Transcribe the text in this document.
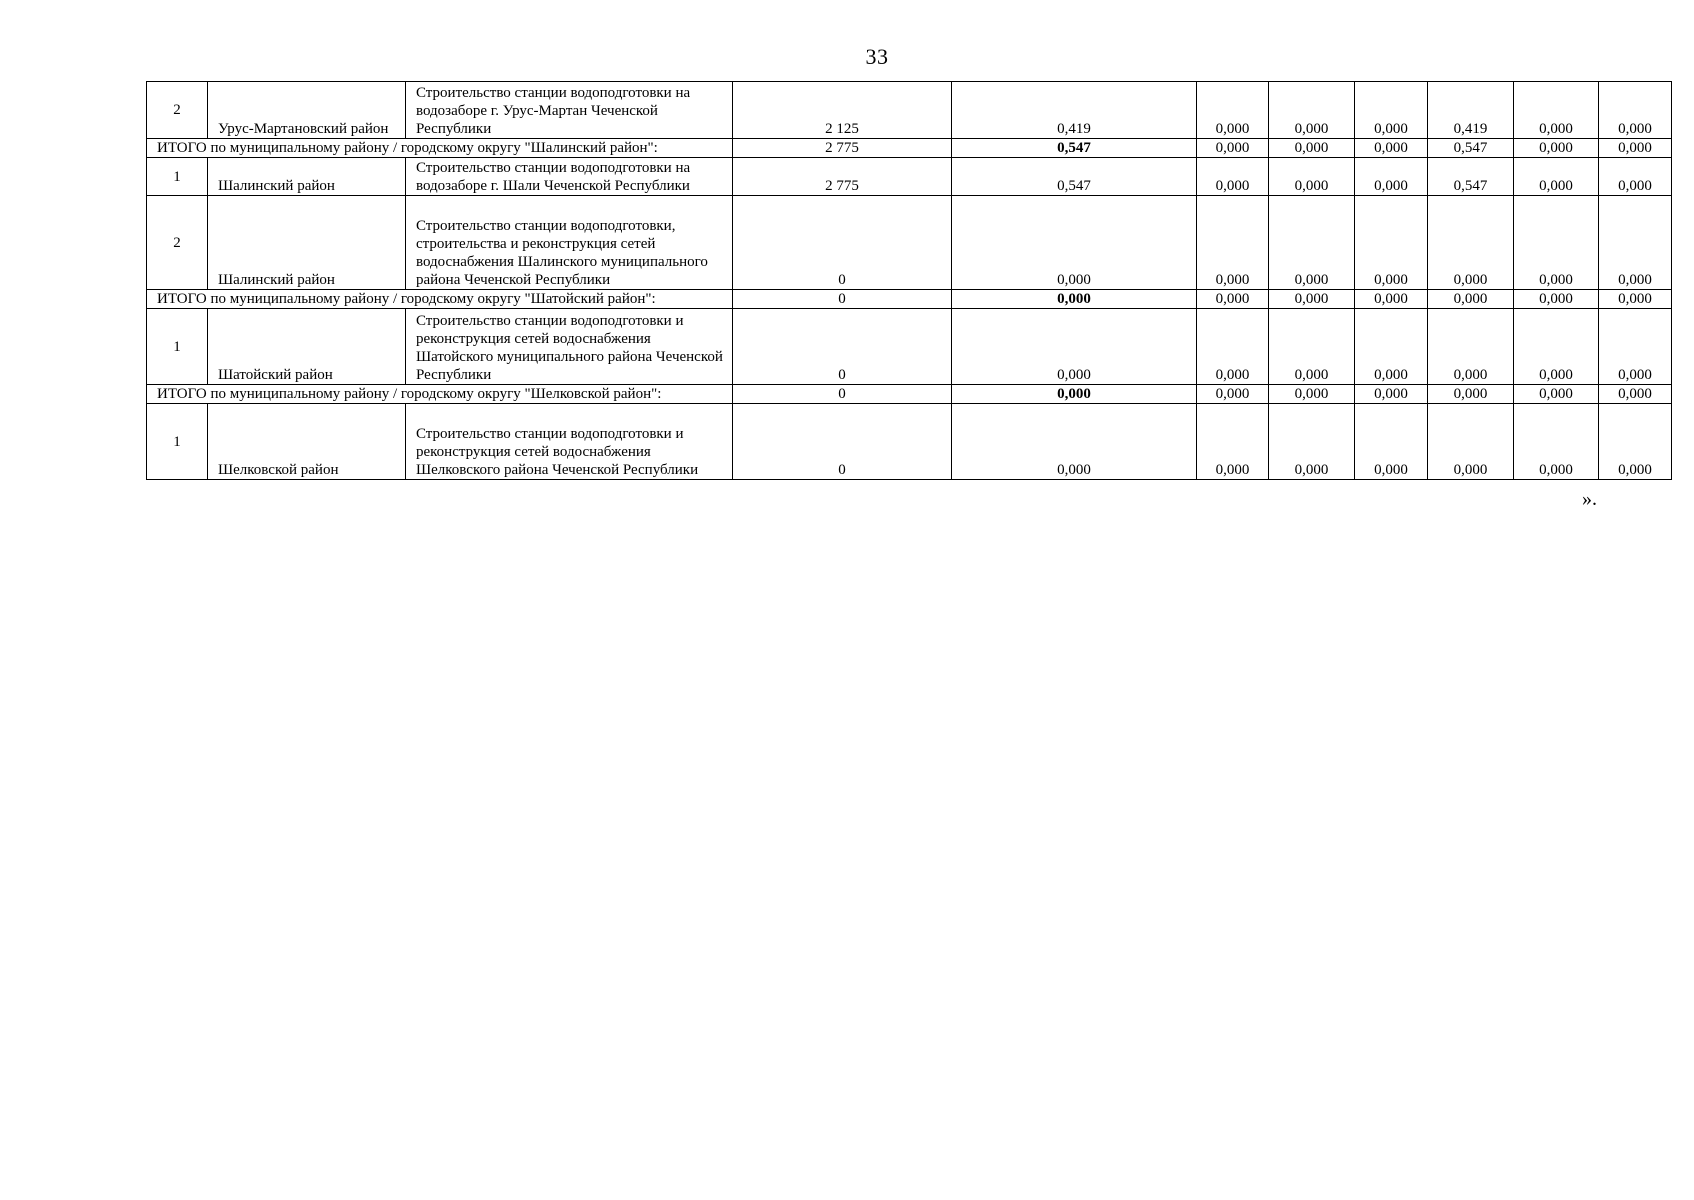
33
2	Урус-Мартановский район	Строительство станции водоподготовки на водозаборе г. Урус-Мартан Чеченской Республики	2 125	0,419	0,000	0,000	0,000	0,419	0,000	0,000
ИТОГО по муниципальному району / городскому округу "Шалинский район":			2 775	0,547	0,000	0,000	0,000	0,547	0,000	0,000
1	Шалинский район	Строительство станции водоподготовки на водозаборе г. Шали Чеченской Республики	2 775	0,547	0,000	0,000	0,000	0,547	0,000	0,000
2	Шалинский район	Строительство станции водоподготовки, строительства и реконструкция сетей водоснабжения Шалинского муниципального района Чеченской Республики	0	0,000	0,000	0,000	0,000	0,000	0,000	0,000
ИТОГО по муниципальному району / городскому округу "Шатойский район":			0	0,000	0,000	0,000	0,000	0,000	0,000	0,000
1	Шатойский район	Строительство станции водоподготовки и реконструкция сетей водоснабжения Шатойского муниципального района Чеченской Республики	0	0,000	0,000	0,000	0,000	0,000	0,000	0,000
ИТОГО по муниципальному району / городскому округу "Шелковской район":			0	0,000	0,000	0,000	0,000	0,000	0,000	0,000
1	Шелковской район	Строительство станции водоподготовки и реконструкция сетей водоснабжения Шелковского района Чеченской Республики	0	0,000	0,000	0,000	0,000	0,000	0,000	0,000
».
